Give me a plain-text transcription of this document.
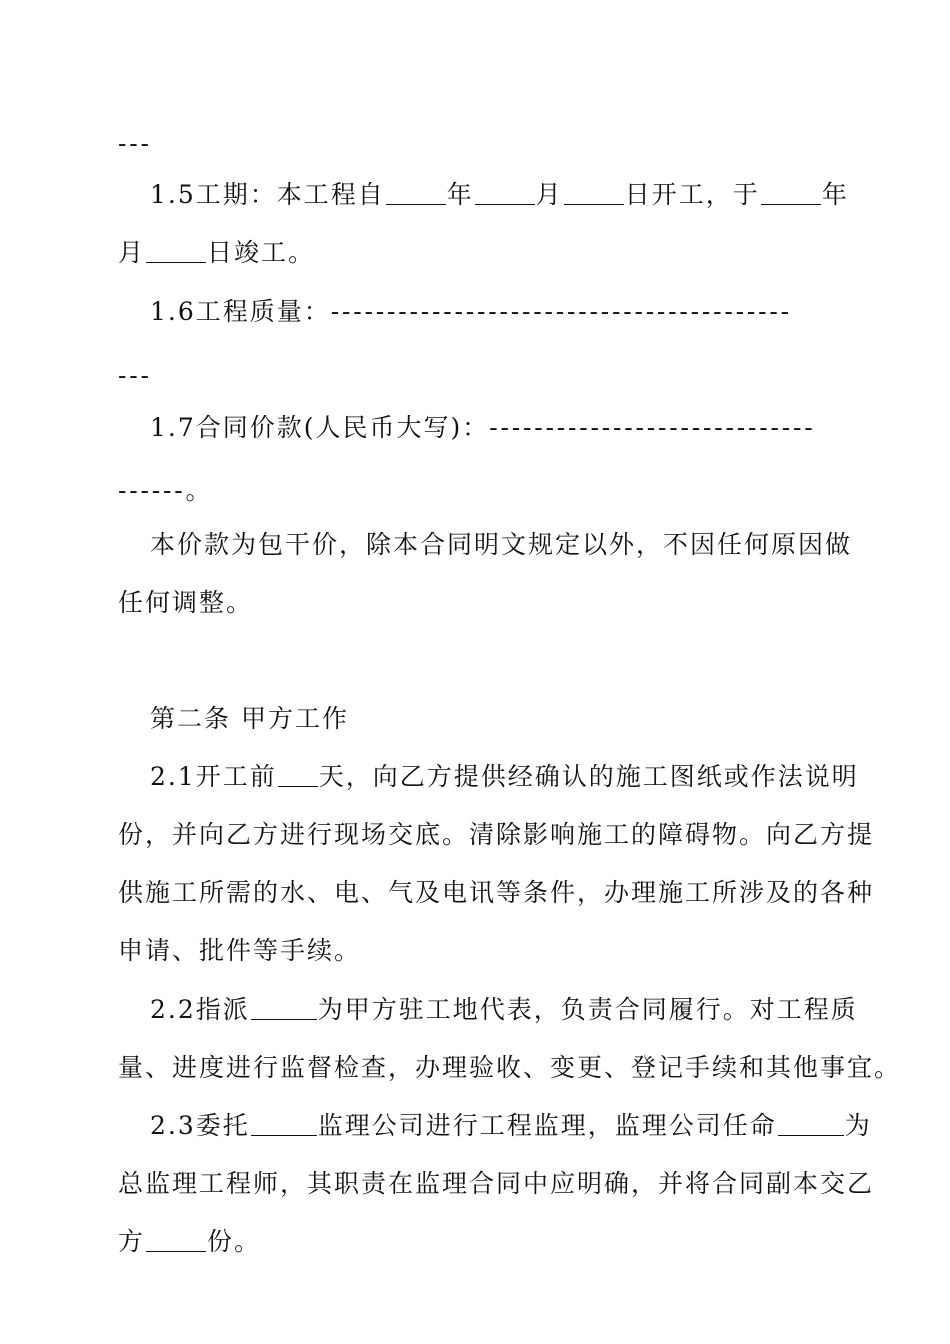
---
1.5工期：本工程自 年 月 日开工，于 年
月 日竣工。
1.6工程质量：-----------------------------------------
---
1.7合同价款(人民币大写)：-----------------------------
------。
本价款为包干价，除本合同明文规定以外，不因任何原因做
任何调整。
第二条 甲方工作
2.1开工前 天，向乙方提供经确认的施工图纸或作法说明
份，并向乙方进行现场交底。清除影响施工的障碍物。向乙方提
供施工所需的水、电、气及电讯等条件，办理施工所涉及的各种
申请、批件等手续。
2.2指派	为甲方驻工地代表，负责合同履行。对工程质
量、进度进行监督检查，办理验收、变更、登记手续和其他事宜。
2.3委托	监理公司进行工程监理，监理公司任命	为
总监理工程师，其职责在监理合同中应明确，并将合同副本交乙
方 份。
